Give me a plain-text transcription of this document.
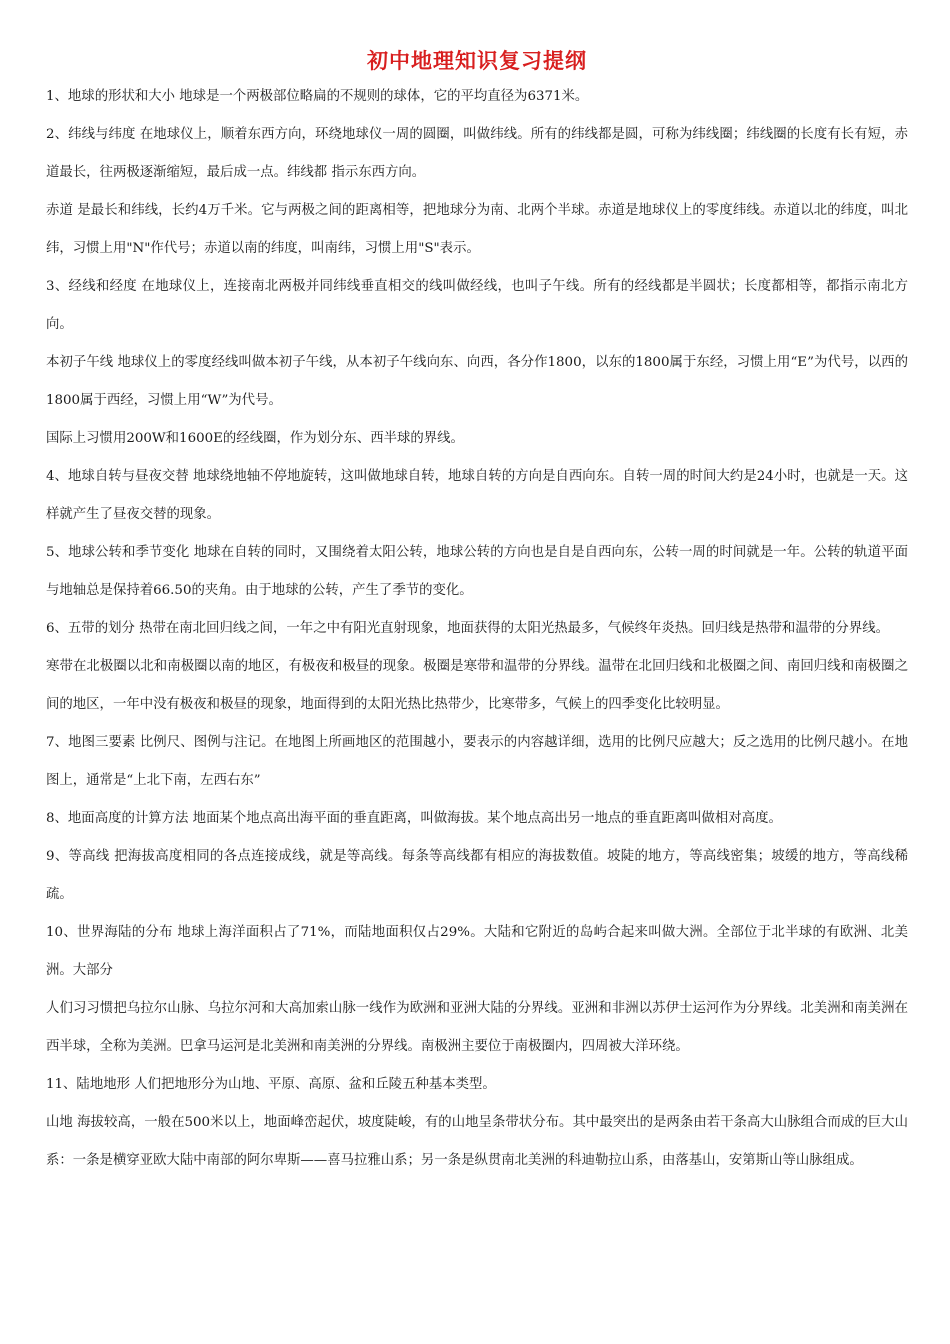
初中地理知识复习提纲

1、地球的形状和大小 地球是一个两极部位略扁的不规则的球体，它的平均直径为6371米。

2、纬线与纬度 在地球仪上，顺着东西方向，环绕地球仪一周的圆圈，叫做纬线。所有的纬线都是圆，可称为纬线圈；纬线圈的长度有长有短，赤道最长，往两极逐渐缩短，最后成一点。纬线都 指示东西方向。

赤道 是最长和纬线，长约4万千米。它与两极之间的距离相等，把地球分为南、北两个半球。赤道是地球仪上的零度纬线。赤道以北的纬度，叫北纬，习惯上用"N"作代号；赤道以南的纬度，叫南纬，习惯上用"S"表示。

3、经线和经度 在地球仪上，连接南北两极并同纬线垂直相交的线叫做经线，也叫子午线。所有的经线都是半圆状；长度都相等，都指示南北方向。

本初子午线 地球仪上的零度经线叫做本初子午线，从本初子午线向东、向西，各分作1800，以东的1800属于东经，习惯上用“E”为代号，以西的1800属于西经，习惯上用“W”为代号。

国际上习惯用200W和1600E的经线圈，作为划分东、西半球的界线。

4、地球自转与昼夜交替 地球绕地轴不停地旋转，这叫做地球自转，地球自转的方向是自西向东。自转一周的时间大约是24小时，也就是一天。这样就产生了昼夜交替的现象。

5、地球公转和季节变化 地球在自转的同时，又围绕着太阳公转，地球公转的方向也是自是自西向东，公转一周的时间就是一年。公转的轨道平面与地轴总是保持着66.50的夹角。由于地球的公转，产生了季节的变化。

6、五带的划分 热带在南北回归线之间，一年之中有阳光直射现象，地面获得的太阳光热最多，气候终年炎热。回归线是热带和温带的分界线。

寒带在北极圈以北和南极圈以南的地区，有极夜和极昼的现象。极圈是寒带和温带的分界线。温带在北回归线和北极圈之间、南回归线和南极圈之间的地区，一年中没有极夜和极昼的现象，地面得到的太阳光热比热带少，比寒带多，气候上的四季变化比较明显。

7、地图三要素 比例尺、图例与注记。在地图上所画地区的范围越小，要表示的内容越详细，选用的比例尺应越大；反之选用的比例尺越小。在地图上，通常是“上北下南，左西右东”

8、地面高度的计算方法 地面某个地点高出海平面的垂直距离，叫做海拔。某个地点高出另一地点的垂直距离叫做相对高度。

9、等高线 把海拔高度相同的各点连接成线，就是等高线。每条等高线都有相应的海拔数值。坡陡的地方，等高线密集；坡缓的地方，等高线稀疏。

10、世界海陆的分布 地球上海洋面积占了71%，而陆地面积仅占29%。大陆和它附近的岛屿合起来叫做大洲。全部位于北半球的有欧洲、北美洲。大部分

人们习习惯把乌拉尔山脉、乌拉尔河和大高加索山脉一线作为欧洲和亚洲大陆的分界线。亚洲和非洲以苏伊士运河作为分界线。北美洲和南美洲在西半球，全称为美洲。巴拿马运河是北美洲和南美洲的分界线。南极洲主要位于南极圈内，四周被大洋环绕。

11、陆地地形 人们把地形分为山地、平原、高原、盆和丘陵五种基本类型。

山地 海拔较高，一般在500米以上，地面峰峦起伏，坡度陡峻，有的山地呈条带状分布。其中最突出的是两条由若干条高大山脉组合而成的巨大山系：一条是横穿亚欧大陆中南部的阿尔卑斯——喜马拉雅山系；另一条是纵贯南北美洲的科迪勒拉山系，由落基山，安第斯山等山脉组成。
